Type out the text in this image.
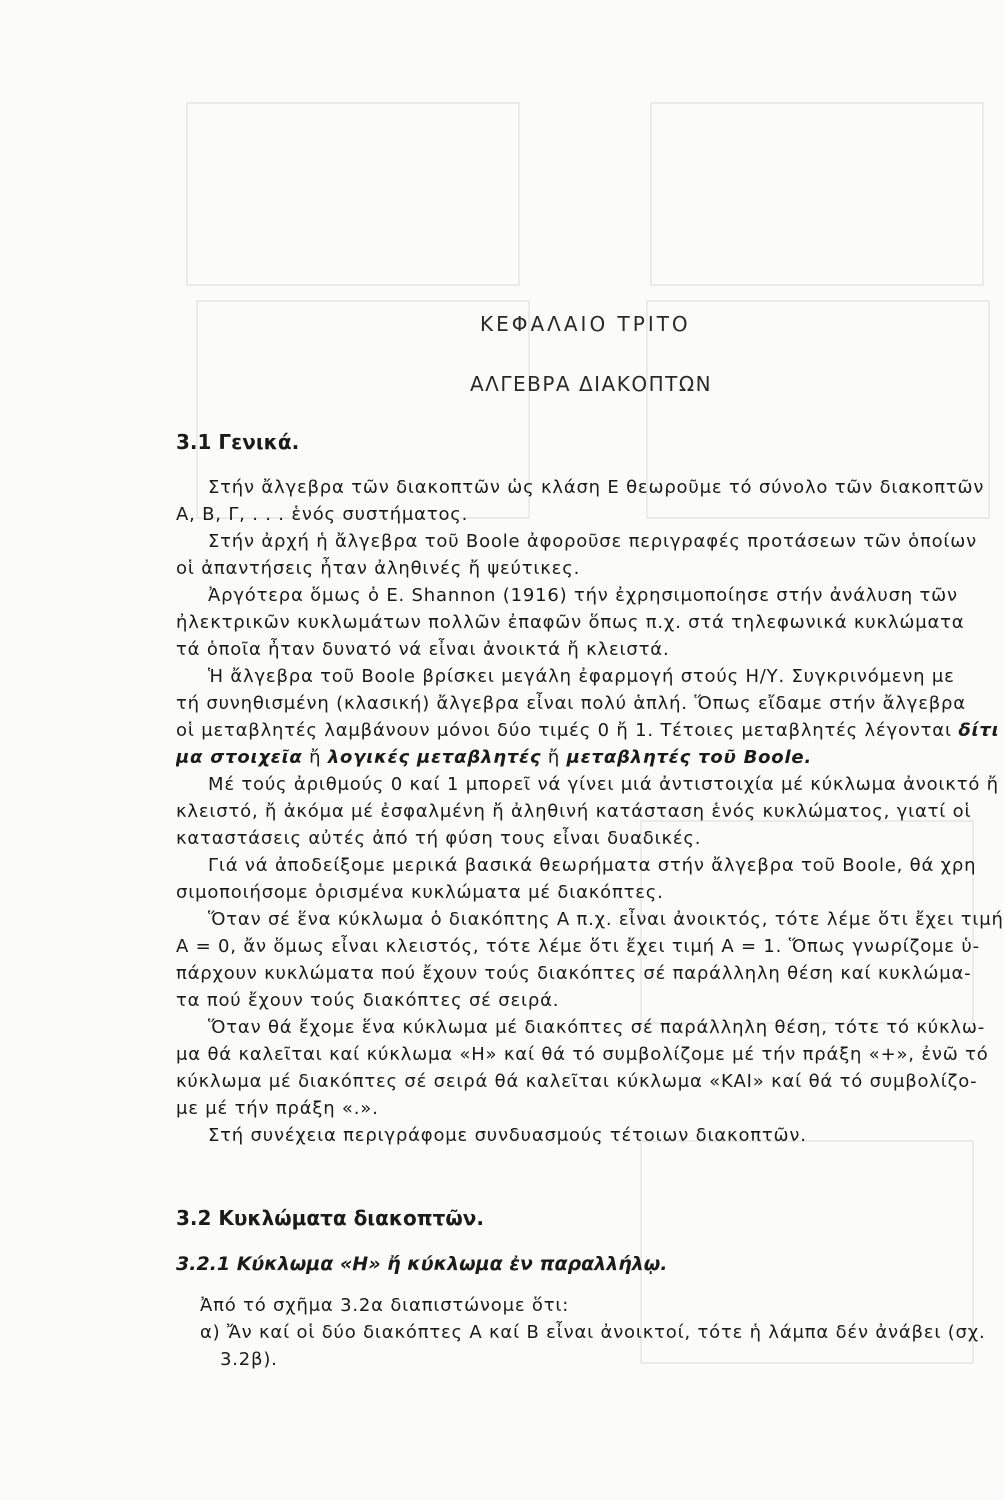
ΚΕΦΑΛΑΙΟ ΤΡΙΤΟ
ΑΛΓΕΒΡΑ ΔΙΑΚΟΠΤΩΝ
3.1 Γενικά.

Στήν ἄλγεβρα τῶν διακοπτῶν ὡς κλάση Ε θεωροῦμε τό σύνολο τῶν διακοπτῶν

Α, Β, Γ, . . . ἑνός συστήματος.

Στήν ἀρχή ἡ ἄλγεβρα τοῦ Boole ἀφοροῦσε περιγραφές προτάσεων τῶν ὁποίων

οἱ ἀπαντήσεις ἦταν ἀληθινές ἤ ψεύτικες.

Ἀργότερα ὅμως ὁ Ε. Shannon (1916) τήν ἐχρησιμοποίησε στήν ἀνάλυση τῶν

ἠλεκτρικῶν κυκλωμάτων πολλῶν ἐπαφῶν ὅπως π.χ. στά τηλεφωνικά κυκλώματα

τά ὁποῖα ἦταν δυνατό νά εἶναι ἀνοικτά ἤ κλειστά.

Ἡ ἄλγεβρα τοῦ Boole βρίσκει μεγάλη ἐφαρμογή στούς Η/Υ. Συγκρινόμενη με

τή συνηθισμένη (κλασική) ἄλγεβρα εἶναι πολύ ἁπλή. Ὅπως εἴδαμε στήν ἄλγεβρα

οἱ μεταβλητές λαμβάνουν μόνοι δύο τιμές 0 ἤ 1. Τέτοιες μεταβλητές λέγονται δίτι

μα στοιχεῖα ἤ λογικές μεταβλητές ἤ μεταβλητές τοῦ Boole.

Μέ τούς ἀριθμούς 0 καί 1 μπορεῖ νά γίνει μιά ἀντιστοιχία μέ κύκλωμα ἀνοικτό ἤ

κλειστό, ἤ ἀκόμα μέ ἐσφαλμένη ἤ ἀληθινή κατάσταση ἑνός κυκλώματος, γιατί οἱ

καταστάσεις αὐτές ἀπό τή φύση τους εἶναι δυαδικές.

Γιά νά ἀποδείξομε μερικά βασικά θεωρήματα στήν ἄλγεβρα τοῦ Boole, θά χρη

σιμοποιήσομε ὁρισμένα κυκλώματα μέ διακόπτες.

Ὅταν σέ ἕνα κύκλωμα ὁ διακόπτης Α π.χ. εἶναι ἀνοικτός, τότε λέμε ὅτι ἔχει τιμή

Α = 0, ἄν ὅμως εἶναι κλειστός, τότε λέμε ὅτι ἔχει τιμή Α = 1. Ὅπως γνωρίζομε ὑ-

πάρχουν κυκλώματα πού ἔχουν τούς διακόπτες σέ παράλληλη θέση καί κυκλώμα-

τα πού ἔχουν τούς διακόπτες σέ σειρά.

Ὅταν θά ἔχομε ἕνα κύκλωμα μέ διακόπτες σέ παράλληλη θέση, τότε τό κύκλω-

μα θά καλεῖται καί κύκλωμα «Η» καί θά τό συμβολίζομε μέ τήν πράξη «+», ἐνῶ τό

κύκλωμα μέ διακόπτες σέ σειρά θά καλεῖται κύκλωμα «ΚΑΙ» καί θά τό συμβολίζο-

με μέ τήν πράξη «.».

Στή συνέχεια περιγράφομε συνδυασμούς τέτοιων διακοπτῶν.

3.2 Κυκλώματα διακοπτῶν.
3.2.1 Κύκλωμα «Η» ἤ κύκλωμα ἐν παραλλήλῳ.

Ἀπό τό σχῆμα 3.2α διαπιστώνομε ὅτι:

α) Ἄν καί οἱ δύο διακόπτες Α καί Β εἶναι ἀνοικτοί, τότε ἡ λάμπα δέν ἀνάβει (σχ.

3.2β).
